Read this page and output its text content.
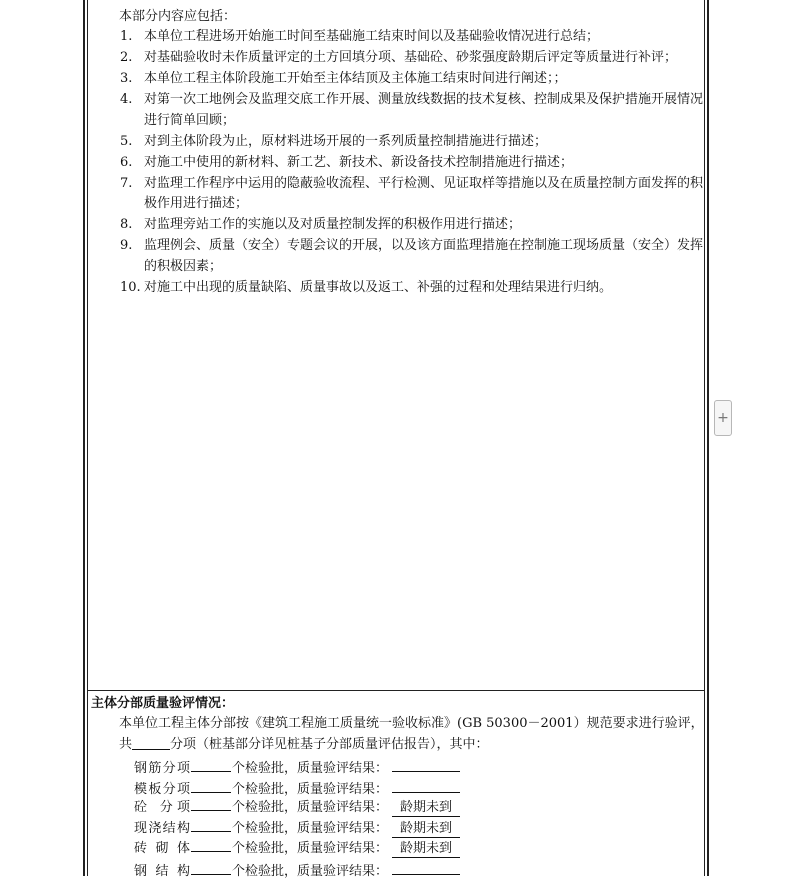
本部分内容应包括：
1. 本单位工程进场开始施工时间至基础施工结束时间以及基础验收情况进行总结；
2. 对基础验收时未作质量评定的土方回填分项、基础砼、砂浆强度龄期后评定等质量进行补评；
3. 本单位工程主体阶段施工开始至主体结顶及主体施工结束时间进行阐述；；
4. 对第一次工地例会及监理交底工作开展、测量放线数据的技术复核、控制成果及保护措施开展情况进行简单回顾；
5. 对到主体阶段为止，原材料进场开展的一系列质量控制措施进行描述；
6. 对施工中使用的新材料、新工艺、新技术、新设备技术控制措施进行描述；
7. 对监理工作程序中运用的隐蔽验收流程、平行检测、见证取样等措施以及在质量控制方面发挥的积极作用进行描述；
8. 对监理旁站工作的实施以及对质量控制发挥的积极作用进行描述；
9. 监理例会、质量（安全）专题会议的开展，以及该方面监理措施在控制施工现场质量（安全）发挥的积极因素；
10. 对施工中出现的质量缺陷、质量事故以及返工、补强的过程和处理结果进行归纳。
主体分部质量验评情况：
本单位工程主体分部按《建筑工程施工质量统一验收标准》(GB 50300－2001）规范要求进行验评，共	分项（桩基部分详见桩基子分部质量评估报告），其中：
钢筋分项	个检验批，质量验评结果：
模板分项	个检验批，质量验评结果：
砼 分项	个检验批，质量验评结果： 龄期未到
现浇结构	个检验批，质量验评结果： 龄期未到
砖 砌 体	个检验批，质量验评结果： 龄期未到
钢 结 构	个检验批，质量验评结果：
+
